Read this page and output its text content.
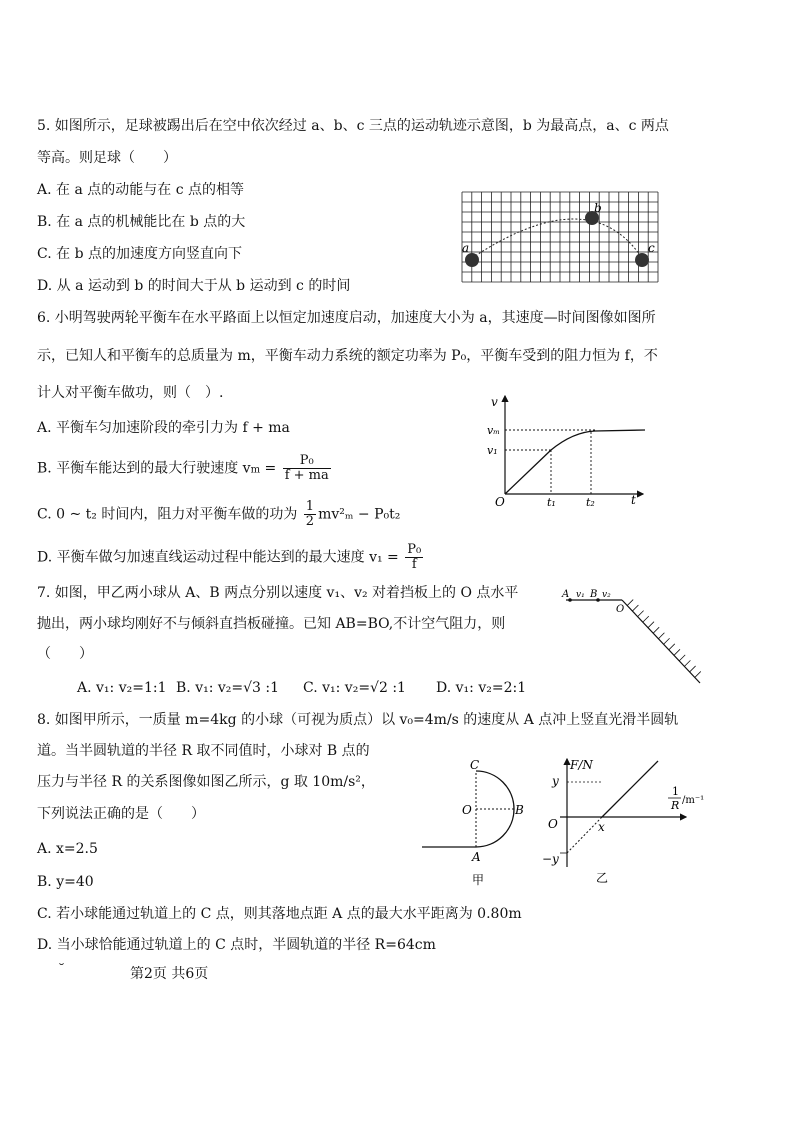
5. 如图所示，足球被踢出后在空中依次经过 a、b、c 三点的运动轨迹示意图，b 为最高点，a、c 两点
等高。则足球（　　）
A. 在 a 点的动能与在 c 点的相等
B. 在 a 点的机械能比在 b 点的大
C. 在 b 点的加速度方向竖直向下
D. 从 a 运动到 b 的时间大于从 b 运动到 c 的时间
a
b
c
6. 小明驾驶两轮平衡车在水平路面上以恒定加速度启动，加速度大小为 a，其速度—时间图像如图所
示，已知人和平衡车的总质量为 m，平衡车动力系统的额定功率为 P₀，平衡车受到的阻力恒为 f，不
计人对平衡车做功，则（　）.
A. 平衡车匀加速阶段的牵引力为 f + ma
B. 平衡车能达到的最大行驶速度 vm = $\frac{\text{P₀}}{f + ma}$
C. 0 ~ t₂ 时间内，阻力对平衡车做的功为 $\frac{1}{2} mv^2_m - P_0t_2$
D. 平衡车做匀加速直线运动过程中能达到的最大速度 $v_1 = \frac{\text{P₀}}{f}$
v
vₘ
v₁
O	t₁	t₂	t
7. 如图，甲乙两小球从 A、B 两点分别以速度 v₁、v₂ 对着挡板上的 O 点水平
抛出，两小球均刚好不与倾斜直挡板碰撞。已知 AB=BO,不计空气阻力，则
（　　）
A. v₁: v₂=1:1 B. v₁: v₂=√3 :1 C. v₁: v₂=√2 :1 D. v₁: v₂=2:1
A v₁ B v₂
O
8. 如图甲所示，一质量 m=4kg 的小球（可视为质点）以 v₀=4m/s 的速度从 A 点冲上竖直光滑半圆轨
道。当半圆轨道的半径 R 取不同值时，小球对 B 点的
压力与半径 R 的关系图像如图乙所示，g 取 10m/s²，
下列说法正确的是（　　）
A. x=2.5
B. y=40
C. 若小球能通过轨道上的 C 点，则其落地点距 A 点的最大水平距离为 0.80m
D. 当小球恰能通过轨道上的 C 点时，半圆轨道的半径 R=64cm
C
O	B
A
甲
F/N
y
O	x
−y
1
R /m⁻¹
乙
˘	第2页 共6页
